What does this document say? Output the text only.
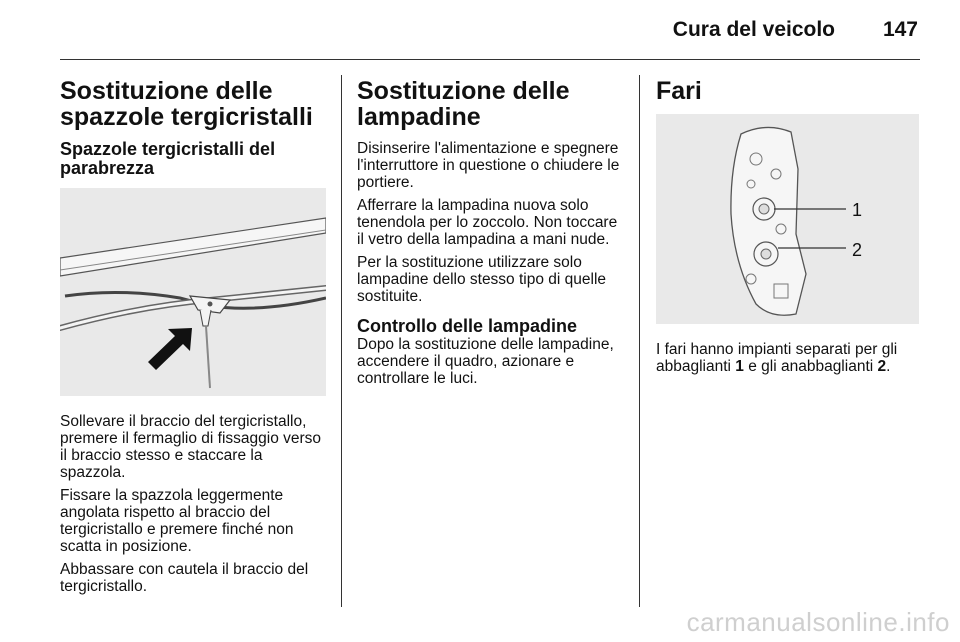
Cura del veicolo 147
Sostituzione delle spazzole tergicristalli
Spazzole tergicristalli del parabrezza

Sollevare il braccio del tergicristallo, premere il fermaglio di fissaggio verso il braccio stesso e staccare la spazzola.

Fissare la spazzola leggermente angolata rispetto al braccio del tergicristallo e premere finché non scatta in posizione.

Abbassare con cautela il braccio del tergicristallo.

Sostituzione delle lampadine

Disinserire l'alimentazione e spegnere l'interruttore in questione o chiudere le portiere.

Afferrare la lampadina nuova solo tenendola per lo zoccolo. Non toccare il vetro della lampadina a mani nude.

Per la sostituzione utilizzare solo lampadine dello stesso tipo di quelle sostituite.

Controllo delle lampadine

Dopo la sostituzione delle lampadine, accendere il quadro, azionare e controllare le luci.

Fari
1
2

I fari hanno impianti separati per gli abbaglianti 1 e gli anabbaglianti 2.

carmanualsonline.info
